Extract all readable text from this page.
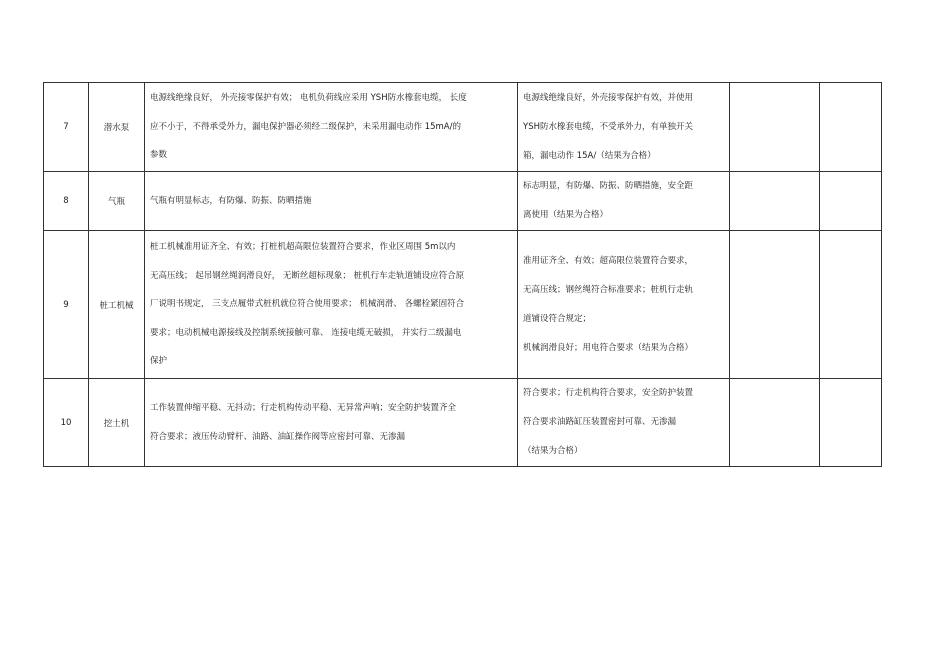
7	潜水泵	电源线绝缘良好， 外壳接零保护有效； 电机负荷线应采用 YSH防水橡套电缆， 长度
应不小于，不得承受外力，漏电保护器必须经二级保护，未采用漏电动作 15mA/的
参数	电源线绝缘良好，外壳接零保护有效，并使用
YSH防水橡套电缆，不受承外力，有单独开关
箱，漏电动作 15A/（结果为合格）		

8	气瓶	气瓶有明显标志，有防爆、防振、防晒措施	标志明显，有防爆、防振、防晒措施，安全距
离使用（结果为合格）		

9	桩工机械	桩工机械准用证齐全、有效；打桩机超高限位装置符合要求，作业区周围 5m以内
无高压线； 起吊钢丝绳润滑良好， 无断丝超标现象； 桩机行车走轨道铺设应符合原
厂说明书规定， 三支点履带式桩机就位符合使用要求； 机械润滑、 各螺栓紧固符合
要求；电动机械电源接线及控制系统接触可靠、 连接电缆无破损， 并实行二级漏电
保护	准用证齐全、有效；超高限位装置符合要求，
无高压线；钢丝绳符合标准要求；桩机行走轨
道铺设符合规定；
机械润滑良好；用电符合要求（结果为合格）		

10	挖土机	工作装置伸缩平稳、无抖动；行走机构传动平稳、无异常声响；安全防护装置齐全
符合要求；液压传动臂杆、油路、油缸操作阀等应密封可靠、无渗漏	符合要求；行走机构符合要求，安全防护装置
符合要求油路缸压装置密封可靠、无渗漏
（结果为合格）		
